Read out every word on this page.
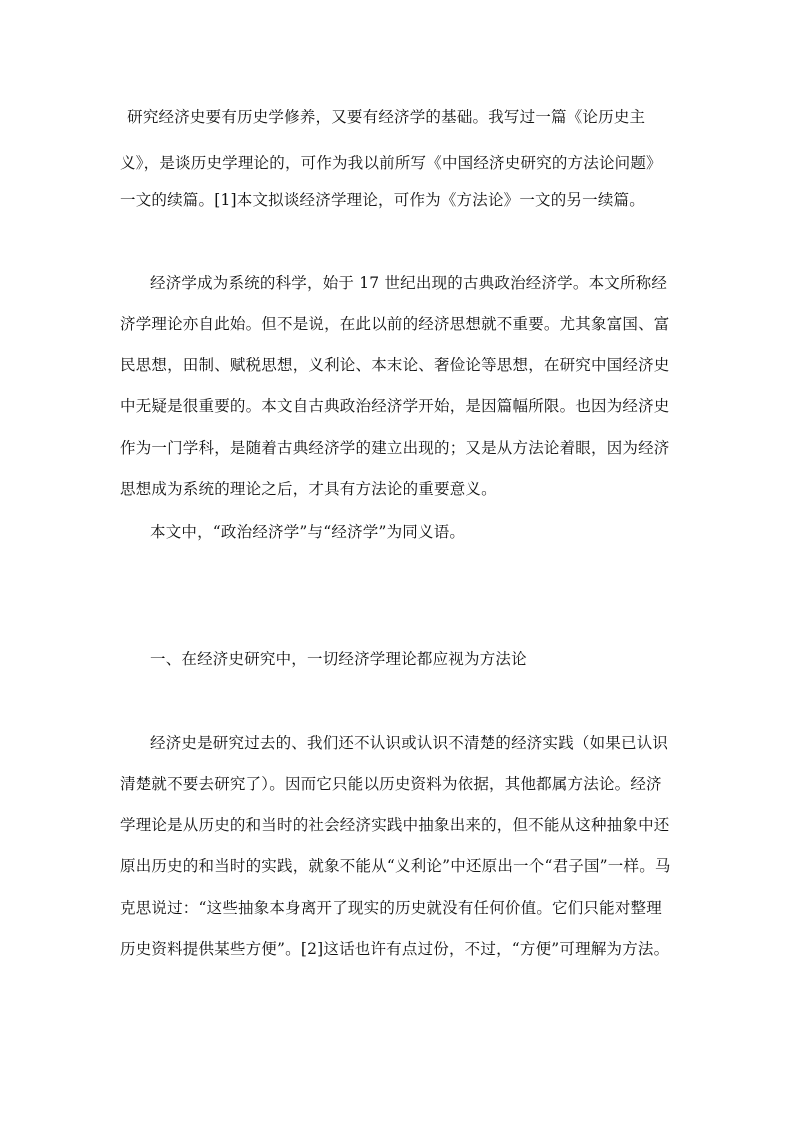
研究经济史要有历史学修养，又要有经济学的基础。我写过一篇《论历史主
义》，是谈历史学理论的，可作为我以前所写《中国经济史研究的方法论问题》
一文的续篇。[1]本文拟谈经济学理论，可作为《方法论》一文的另一续篇。
经济学成为系统的科学，始于 17 世纪出现的古典政治经济学。本文所称经
济学理论亦自此始。但不是说，在此以前的经济思想就不重要。尤其象富国、富
民思想，田制、赋税思想，义利论、本末论、奢俭论等思想，在研究中国经济史
中无疑是很重要的。本文自古典政治经济学开始，是因篇幅所限。也因为经济史
作为一门学科，是随着古典经济学的建立出现的；又是从方法论着眼，因为经济
思想成为系统的理论之后，才具有方法论的重要意义。
本文中，“政治经济学”与“经济学”为同义语。
一、在经济史研究中，一切经济学理论都应视为方法论
经济史是研究过去的、我们还不认识或认识不清楚的经济实践（如果已认识
清楚就不要去研究了）。因而它只能以历史资料为依据，其他都属方法论。经济
学理论是从历史的和当时的社会经济实践中抽象出来的，但不能从这种抽象中还
原出历史的和当时的实践，就象不能从“义利论”中还原出一个“君子国”一样。马
克思说过：“这些抽象本身离开了现实的历史就没有任何价值。它们只能对整理
历史资料提供某些方便”。[2]这话也许有点过份，不过，“方便”可理解为方法。
